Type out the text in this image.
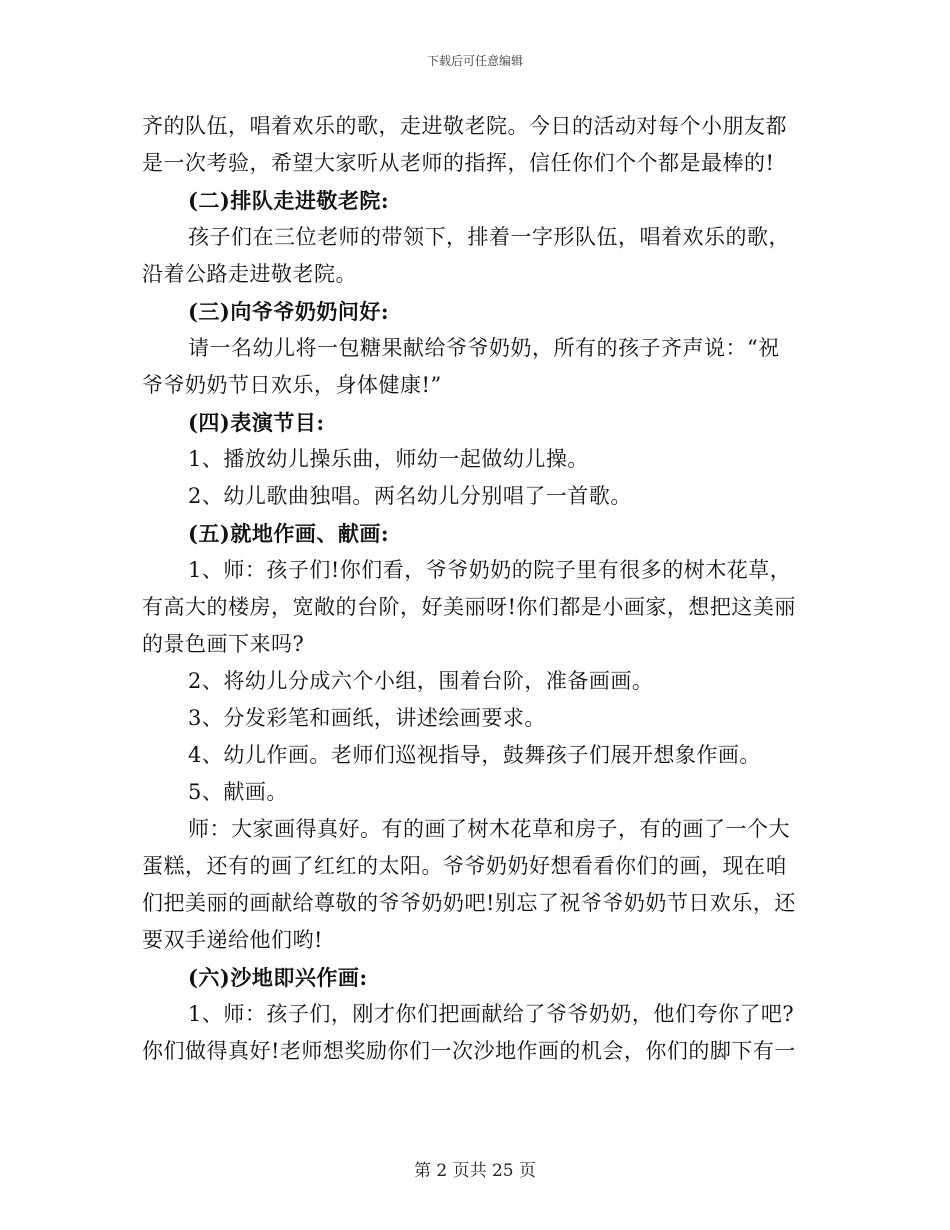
下载后可任意编辑
齐的队伍，唱着欢乐的歌，走进敬老院。今日的活动对每个小朋友都
是一次考验，希望大家听从老师的指挥，信任你们个个都是最棒的!
(二)排队走进敬老院:
孩子们在三位老师的带领下，排着一字形队伍，唱着欢乐的歌，
沿着公路走进敬老院。
(三)向爷爷奶奶问好:
请一名幼儿将一包糖果献给爷爷奶奶，所有的孩子齐声说：“祝
爷爷奶奶节日欢乐，身体健康!”
(四)表演节目:
1、播放幼儿操乐曲，师幼一起做幼儿操。
2、幼儿歌曲独唱。两名幼儿分别唱了一首歌。
(五)就地作画、献画:
1、师：孩子们!你们看，爷爷奶奶的院子里有很多的树木花草，
有高大的楼房，宽敞的台阶，好美丽呀!你们都是小画家，想把这美丽
的景色画下来吗?
2、将幼儿分成六个小组，围着台阶，准备画画。
3、分发彩笔和画纸，讲述绘画要求。
4、幼儿作画。老师们巡视指导，鼓舞孩子们展开想象作画。
5、献画。
师：大家画得真好。有的画了树木花草和房子，有的画了一个大
蛋糕，还有的画了红红的太阳。爷爷奶奶好想看看你们的画，现在咱
们把美丽的画献给尊敬的爷爷奶奶吧!别忘了祝爷爷奶奶节日欢乐，还
要双手递给他们哟!
(六)沙地即兴作画:
1、师：孩子们，刚才你们把画献给了爷爷奶奶，他们夸你了吧?
你们做得真好!老师想奖励你们一次沙地作画的机会，你们的脚下有一
第 2 页共 25 页
